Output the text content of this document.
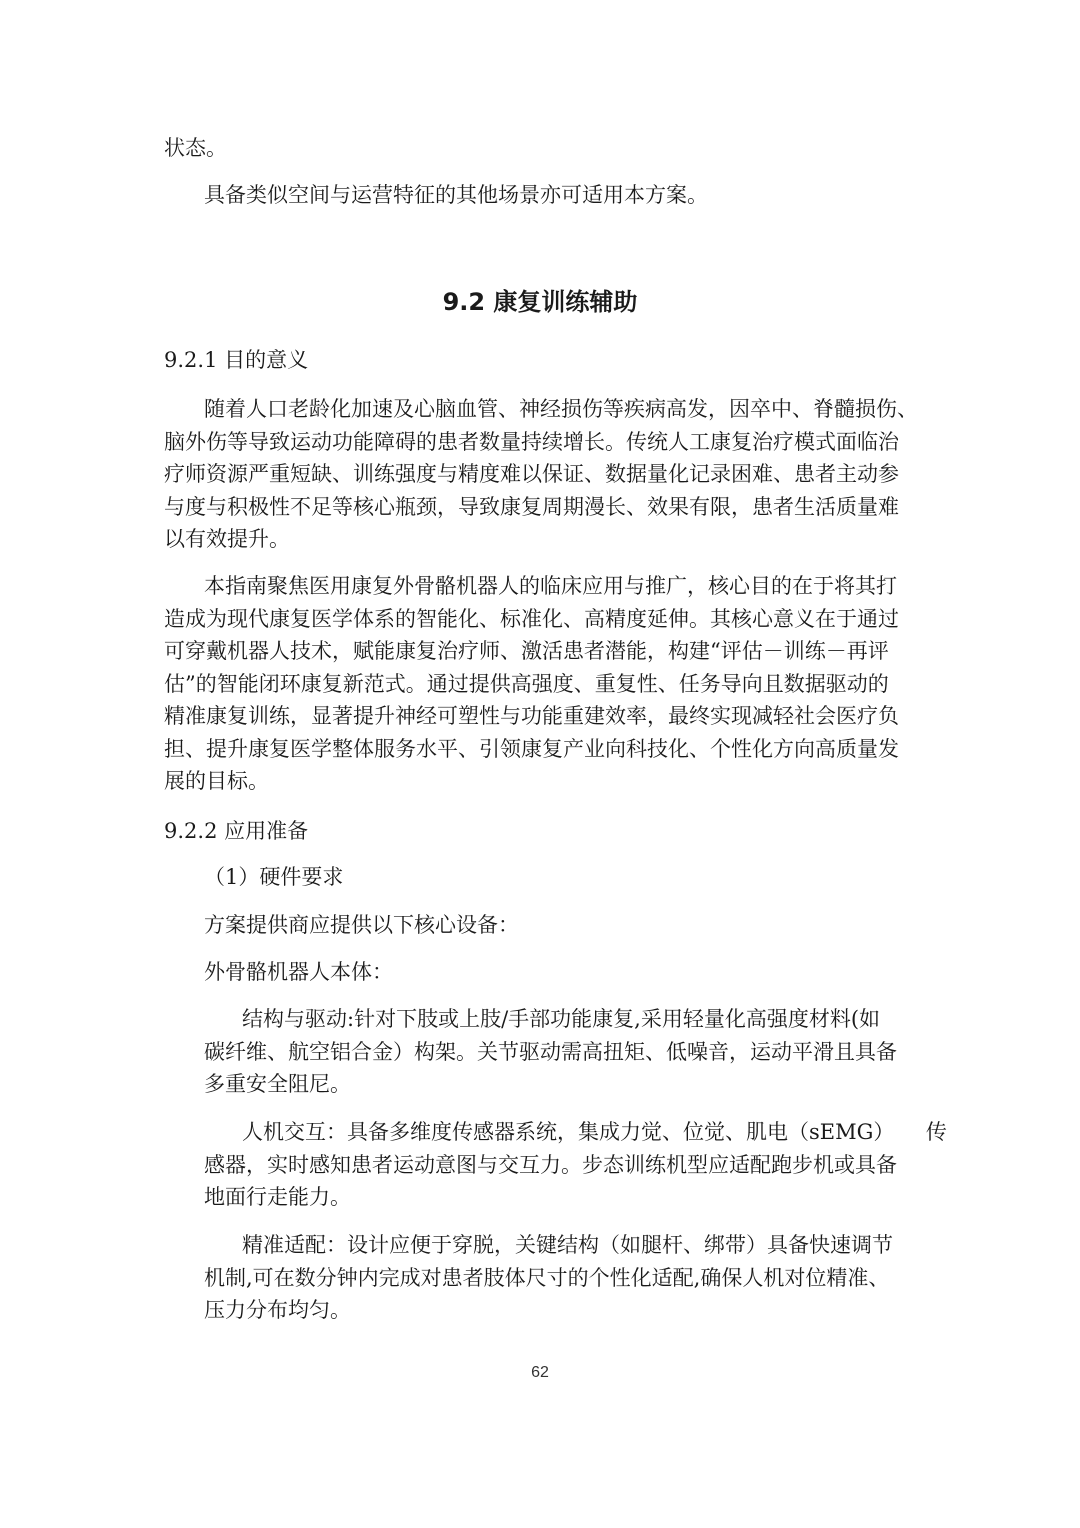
状态。
具备类似空间与运营特征的其他场景亦可适用本方案。
9.2 康复训练辅助
9.2.1 目的意义
随着人口老龄化加速及心脑血管、神经损伤等疾病高发，因卒中、脊髓损伤、
脑外伤等导致运动功能障碍的患者数量持续增长。传统人工康复治疗模式面临治
疗师资源严重短缺、训练强度与精度难以保证、数据量化记录困难、患者主动参
与度与积极性不足等核心瓶颈，导致康复周期漫长、效果有限，患者生活质量难
以有效提升。
本指南聚焦医用康复外骨骼机器人的临床应用与推广，核心目的在于将其打
造成为现代康复医学体系的智能化、标准化、高精度延伸。其核心意义在于通过
可穿戴机器人技术，赋能康复治疗师、激活患者潜能，构建“评估－训练－再评
估”的智能闭环康复新范式。通过提供高强度、重复性、任务导向且数据驱动的
精准康复训练，显著提升神经可塑性与功能重建效率，最终实现减轻社会医疗负
担、提升康复医学整体服务水平、引领康复产业向科技化、个性化方向高质量发
展的目标。
9.2.2 应用准备
（1）硬件要求
方案提供商应提供以下核心设备：
外骨骼机器人本体：
结构与驱动:针对下肢或上肢/手部功能康复,采用轻量化高强度材料(如
碳纤维、航空铝合金）构架。关节驱动需高扭矩、低噪音，运动平滑且具备
多重安全阻尼。
人机交互：具备多维度传感器系统，集成力觉、位觉、肌电（sEMG）　　传
感器，实时感知患者运动意图与交互力。步态训练机型应适配跑步机或具备
地面行走能力。
精准适配：设计应便于穿脱，关键结构（如腿杆、绑带）具备快速调节
机制,可在数分钟内完成对患者肢体尺寸的个性化适配,确保人机对位精准、
压力分布均匀。
62
